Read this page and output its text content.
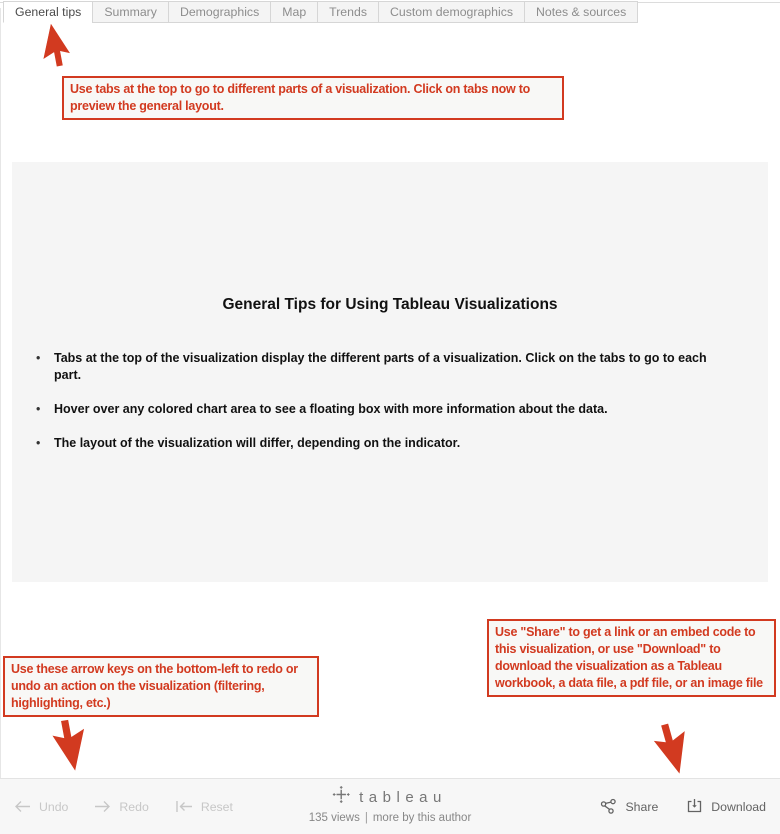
General tips	Summary	Demographics	Map	Trends	Custom demographics	Notes & sources
Use tabs at the top to go to different parts of a visualization. Click on tabs now to preview the general layout.
General Tips for Using Tableau Visualizations
• Tabs at the top of the visualization display the different parts of a visualization. Click on the tabs to go to each part.
• Hover over any colored chart area to see a floating box with more information about the data.
• The layout of the visualization will differ, depending on the indicator.
Use these arrow keys on the bottom-left to redo or undo an action on the visualization (filtering, highlighting, etc.)
Use "Share" to get a link or an embed code to this visualization, or use "Download" to download the visualization as a Tableau workbook, a data file, a pdf file, or an image file
Undo	Redo	Reset
tableau
135 views | more by this author
Share	Download
